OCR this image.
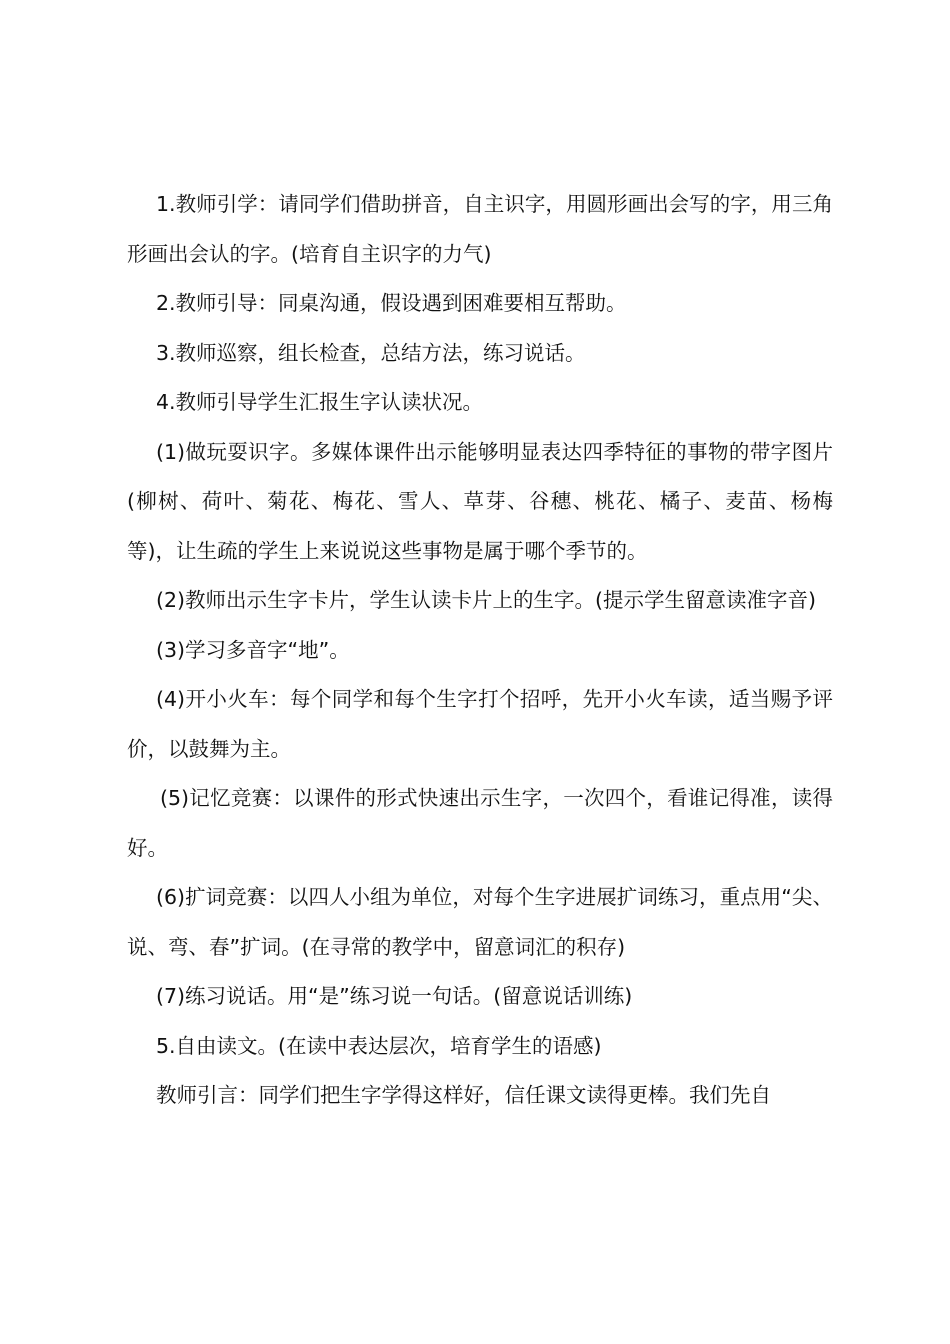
1.教师引学：请同学们借助拼音，自主识字，用圆形画出会写的字，用三角形画出会认的字。(培育自主识字的力气)

2.教师引导：同桌沟通，假设遇到困难要相互帮助。

3.教师巡察，组长检查，总结方法，练习说话。

4.教师引导学生汇报生字认读状况。

(1)做玩耍识字。多媒体课件出示能够明显表达四季特征的事物的带字图片(柳树、荷叶、菊花、梅花、雪人、草芽、谷穗、桃花、橘子、麦苗、杨梅等)，让生疏的学生上来说说这些事物是属于哪个季节的。

(2)教师出示生字卡片，学生认读卡片上的生字。(提示学生留意读准字音)

(3)学习多音字“地”。

(4)开小火车：每个同学和每个生字打个招呼，先开小火车读，适当赐予评价，以鼓舞为主。

(5)记忆竞赛：以课件的形式快速出示生字，一次四个，看谁记得准，读得好。

(6)扩词竞赛：以四人小组为单位，对每个生字进展扩词练习，重点用“尖、说、弯、春”扩词。(在寻常的教学中，留意词汇的积存)

(7)练习说话。用“是”练习说一句话。(留意说话训练)

5.自由读文。(在读中表达层次，培育学生的语感)

教师引言：同学们把生字学得这样好，信任课文读得更棒。我们先自
